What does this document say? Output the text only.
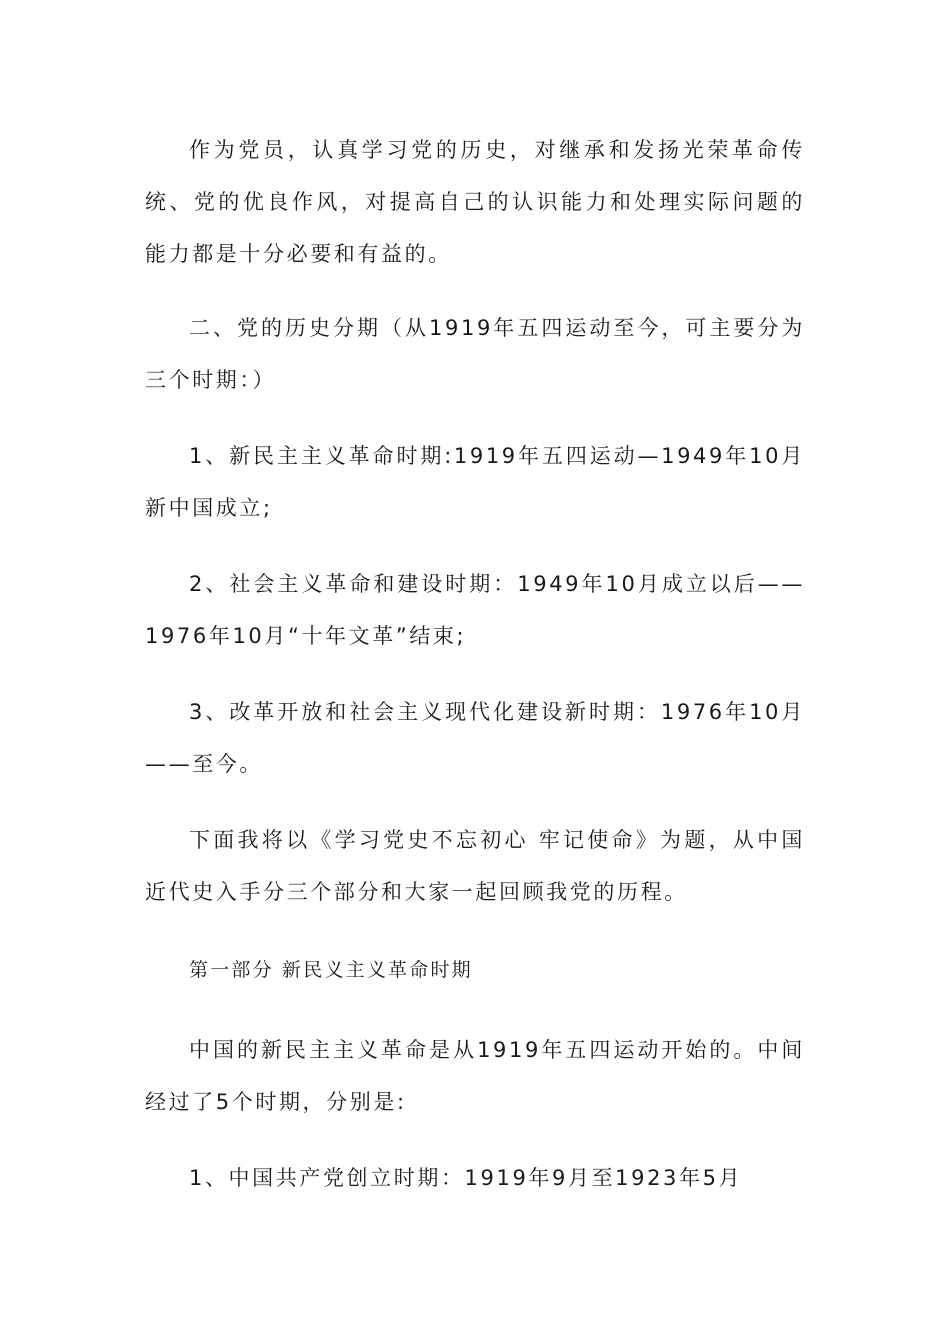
作为党员，认真学习党的历史，对继承和发扬光荣革命传统、党的优良作风，对提高自己的认识能力和处理实际问题的能力都是十分必要和有益的。

二、党的历史分期（从1919年五四运动至今，可主要分为三个时期：）

1、新民主主义革命时期:1919年五四运动—1949年10月新中国成立;

2、社会主义革命和建设时期：1949年10月成立以后——1976年10月“十年文革”结束;

3、改革开放和社会主义现代化建设新时期：1976年10月——至今。

下面我将以《学习党史不忘初心 牢记使命》为题，从中国近代史入手分三个部分和大家一起回顾我党的历程。

第一部分 新民义主义革命时期

中国的新民主主义革命是从1919年五四运动开始的。中间经过了5个时期，分别是:

1、中国共产党创立时期：1919年9月至1923年5月
